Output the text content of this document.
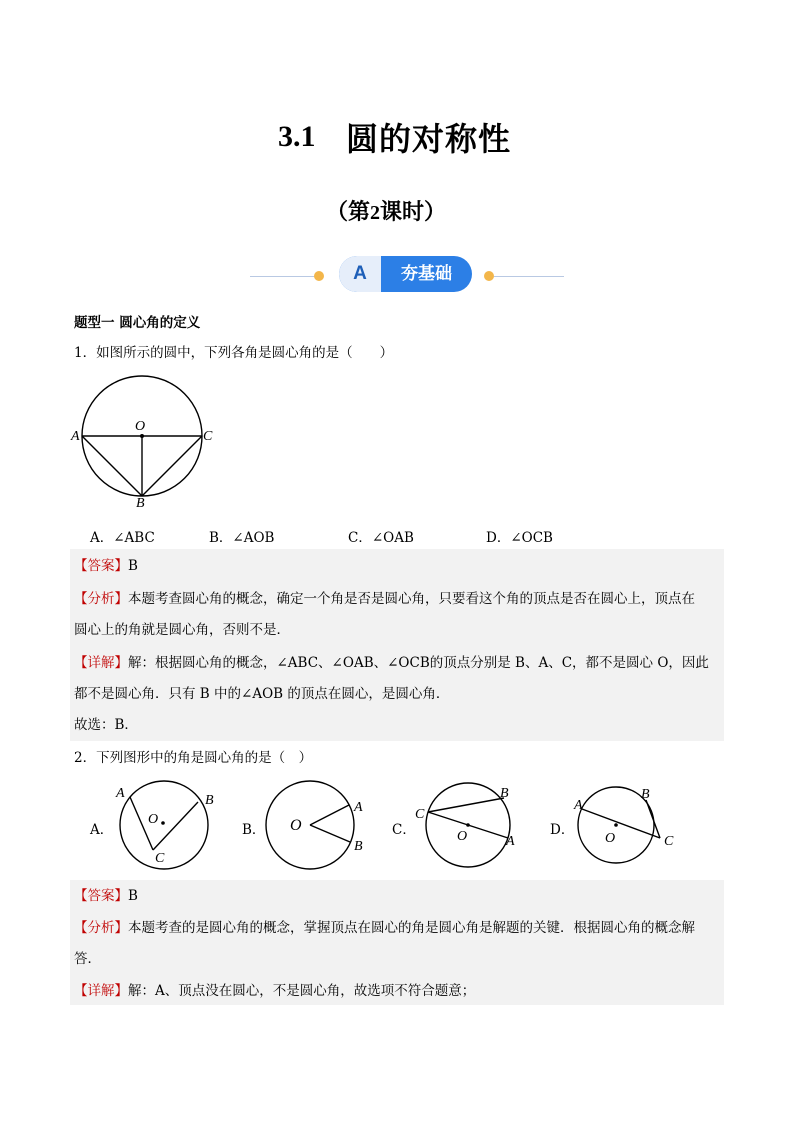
3.1 圆的对称性
（第2课时）
A	夯基础
题型一 圆心角的定义
1．如图所示的圆中，下列各角是圆心角的是（　　）
O
A	C
B
A．∠ABC	B．∠AOB	C．∠OAB	D．∠OCB
【答案】B
【分析】本题考查圆心角的概念，确定一个角是否是圆心角，只要看这个角的顶点是否在圆心上，顶点在
圆心上的角就是圆心角，否则不是．
【详解】解：根据圆心角的概念，∠ABC、∠OAB、∠OCB的顶点分别是 B、A、C，都不是圆心 O，因此
都不是圆心角．只有 B 中的∠AOB 的顶点在圆心，是圆心角．
故选：B．
2．下列图形中的角是圆心角的是（　）
A．
A	B
O
C
B． O
A
B
C．
C
B
O	A
D．
A
B
O	C
【答案】B
【分析】本题考查的是圆心角的概念，掌握顶点在圆心的角是圆心角是解题的关键．根据圆心角的概念解
答．
【详解】解：A、顶点没在圆心，不是圆心角，故选项不符合题意；
